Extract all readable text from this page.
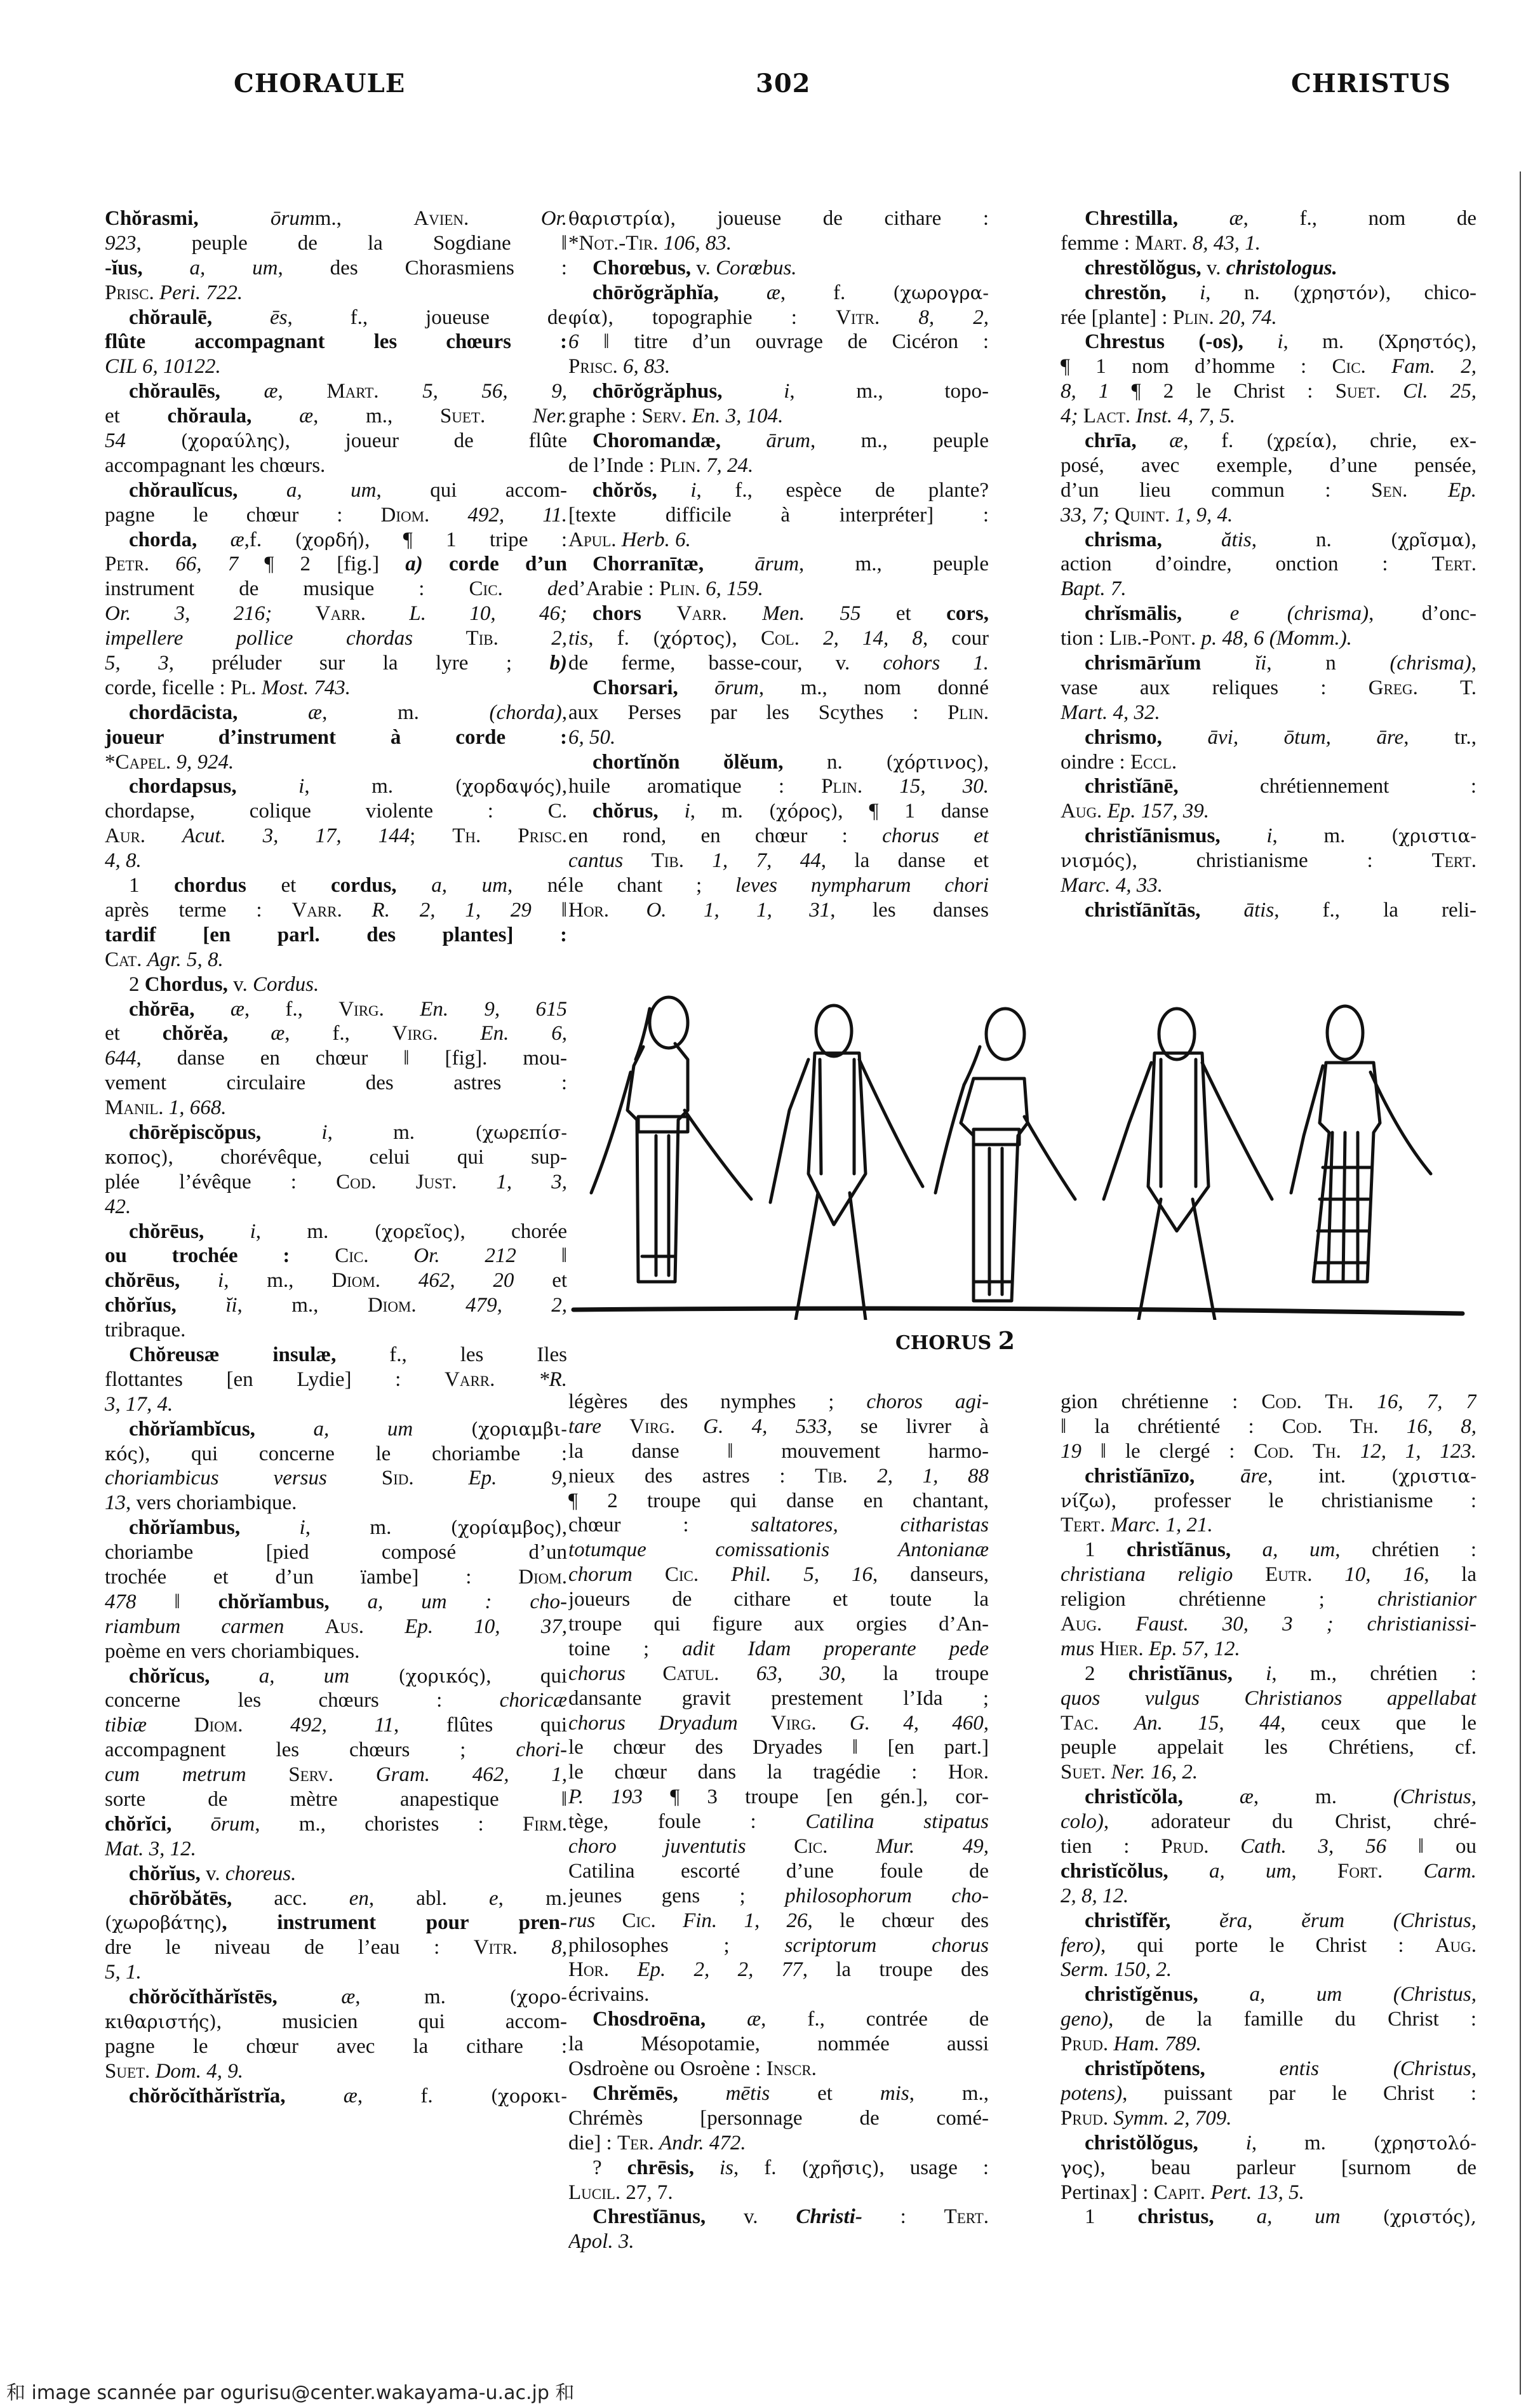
CHORAULE	302	CHRISTUS
Chŏrasmi, ōrumm., Avien. Or.
923, peuple de la Sogdiane ‖
-ĭus, a, um, des Chorasmiens :
Prisc. Peri. 722.
chŏraulē, ēs, f., joueuse de
flûte accompagnant les chœurs :
CIL 6, 10122.
chŏraulēs, æ, Mart. 5, 56, 9,
et chŏraula, æ, m., Suet. Ner.
54 (χοραύλης), joueur de flûte
accompagnant les chœurs.
chŏraulĭcus, a, um, qui accom-
pagne le chœur : Diom. 492, 11.
chorda, æ,f. (χορδή), ¶ 1 tripe :
Petr. 66, 7 ¶ 2 [fig.] a) corde d’un
instrument de musique : Cic. de
Or. 3, 216; Varr. L. 10, 46;
impellere pollice chordas Tib. 2,
5, 3, préluder sur la lyre ; b)
corde, ficelle : Pl. Most. 743.
chordācista, æ, m. (chorda),
joueur d’instrument à corde :
*Capel. 9, 924.
chordapsus, i, m. (χορδαψός),
chordapse, colique violente : C.
Aur. Acut. 3, 17, 144; Th. Prisc.
4, 8.
1 chordus et cordus, a, um, né
après terme : Varr. R. 2, 1, 29 ‖
tardif [en parl. des plantes] :
Cat. Agr. 5, 8.
2 Chordus, v. Cordus.
chŏrēa, æ, f., Virg. En. 9, 615
et chŏrĕa, æ, f., Virg. En. 6,
644, danse en chœur ‖ [fig]. mou-
vement circulaire des astres :
Manil. 1, 668.
chōrĕpiscŏpus, i, m. (χωρεπίσ-
κοπος), chorévêque, celui qui sup-
plée l’évêque : Cod. Just. 1, 3,
42.
chŏrēus, i, m. (χορεῖος), chorée
ou trochée : Cic. Or. 212 ‖
chŏrēus, i, m., Diom. 462, 20 et
chŏrĭus, ĭi, m., Diom. 479, 2,
tribraque.
Chŏreusæ insulæ, f., les Iles
flottantes [en Lydie] : Varr. *R.
3, 17, 4.
chŏrĭambĭcus, a, um (χοριαμβι-
κός), qui concerne le choriambe :
choriambicus versus Sid. Ep. 9,
13, vers choriambique.
chŏrĭambus, i, m. (χορίαμβος),
choriambe [pied composé d’un
trochée et d’un ïambe] : Diom.
478 ‖ chŏrĭambus, a, um : cho-
riambum carmen Aus. Ep. 10, 37,
poème en vers choriambiques.
chŏrĭcus, a, um (χορικός), qui
concerne les chœurs : choricæ
tibiæ Diom. 492, 11, flûtes qui
accompagnent les chœurs ; chori-
cum metrum Serv. Gram. 462, 1,
sorte de mètre anapestique ‖
chŏrĭci, ōrum, m., choristes : Firm.
Mat. 3, 12.
chŏrĭus, v. choreus.
chōrŏbătēs, acc. en, abl. e, m.
(χωροβάτης), instrument pour pren-
dre le niveau de l’eau : Vitr. 8,
5, 1.
chŏrŏcĭthărĭstēs, æ, m. (χορο-
κιθαριστής), musicien qui accom-
pagne le chœur avec la cithare :
Suet. Dom. 4, 9.
chŏrŏcĭthărĭstrĭa, æ, f. (χοροκι-
θαριστρία), joueuse de cithare :
*Not.-Tir. 106, 83.
Chorœbus, v. Corœbus.
chōrŏgrăphĭa, æ, f. (χωρογρα-
φία), topographie : Vitr. 8, 2,
6 ‖ titre d’un ouvrage de Cicéron :
Prisc. 6, 83.
chōrŏgrăphus, i, m., topo-
graphe : Serv. En. 3, 104.
Choromandæ, ārum, m., peuple
de l’Inde : Plin. 7, 24.
chŏrŏs, i, f., espèce de plante?
[texte difficile à interpréter] :
Apul. Herb. 6.
Chorranītæ, ārum, m., peuple
d’Arabie : Plin. 6, 159.
chors Varr. Men. 55 et cors,
tis, f. (χόρτος), Col. 2, 14, 8, cour
de ferme, basse-cour, v. cohors 1.
Chorsari, ōrum, m., nom donné
aux Perses par les Scythes : Plin.
6, 50.
chortĭnŏn ŏlĕum, n. (χόρτινος),
huile aromatique : Plin. 15, 30.
chŏrus, i, m. (χόρος), ¶ 1 danse
en rond, en chœur : chorus et
cantus Tib. 1, 7, 44, la danse et
le chant ; leves nympharum chori
Hor. O. 1, 1, 31, les danses
Chrestilla, æ, f., nom de
femme : Mart. 8, 43, 1.
chrestŏlŏgus, v. christologus.
chrestŏn, i, n. (χρηστόν), chico-
rée [plante] : Plin. 20, 74.
Chrestus (-os), i, m. (Χρηστός),
¶ 1 nom d’homme : Cic. Fam. 2,
8, 1 ¶ 2 le Christ : Suet. Cl. 25,
4; Lact. Inst. 4, 7, 5.
chrīa, æ, f. (χρεία), chrie, ex-
posé, avec exemple, d’une pensée,
d’un lieu commun : Sen. Ep.
33, 7; Quint. 1, 9, 4.
chrisma, ătis, n. (χρῖσμα),
action d’oindre, onction : Tert.
Bapt. 7.
chrĭsmālis, e (chrisma), d’onc-
tion : Lib.-Pont. p. 48, 6 (Momm.).
chrismārĭum ĭi, n (chrisma),
vase aux reliques : Greg. T.
Mart. 4, 32.
chrismo, āvi, ōtum, āre, tr.,
oindre : Eccl.
christĭānē, chrétiennement :
Aug. Ep. 157, 39.
christĭānismus, i, m. (χριστια-
νισμός), christianisme : Tert.
Marc. 4, 33.
christĭānĭtās, ātis, f., la reli-
CHORUS 2
légères des nymphes ; choros agi-
tare Virg. G. 4, 533, se livrer à
la danse ‖ mouvement harmo-
nieux des astres : Tib. 2, 1, 88
¶ 2 troupe qui danse en chantant,
chœur : saltatores, citharistas
totumque comissationis Antonianæ
chorum Cic. Phil. 5, 16, danseurs,
joueurs de cithare et toute la
troupe qui figure aux orgies d’An-
toine ; adit Idam properante pede
chorus Catul. 63, 30, la troupe
dansante gravit prestement l’Ida ;
chorus Dryadum Virg. G. 4, 460,
le chœur des Dryades ‖ [en part.]
le chœur dans la tragédie : Hor.
P. 193 ¶ 3 troupe [en gén.], cor-
tège, foule : Catilina stipatus
choro juventutis Cic. Mur. 49,
Catilina escorté d’une foule de
jeunes gens ; philosophorum cho-
rus Cic. Fin. 1, 26, le chœur des
philosophes ; scriptorum chorus
Hor. Ep. 2, 2, 77, la troupe des
écrivains.
Chosdroēna, æ, f., contrée de
la Mésopotamie, nommée aussi
Osdroène ou Osroène : Inscr.
Chrĕmēs, mētis et mis, m.,
Chrémès [personnage de comé-
die] : Ter. Andr. 472.
? chrēsis, is, f. (χρῆσις), usage :
Lucil. 27, 7.
Chrestĭānus, v. Christi- : Tert.
Apol. 3.
gion chrétienne : Cod. Th. 16, 7, 7
‖ la chrétienté : Cod. Th. 16, 8,
19 ‖ le clergé : Cod. Th. 12, 1, 123.
christĭānīzo, āre, int. (χριστια-
νίζω), professer le christianisme :
Tert. Marc. 1, 21.
1 christĭānus, a, um, chrétien :
christiana religio Eutr. 10, 16, la
religion chrétienne ; christianior
Aug. Faust. 30, 3 ; christianissi-
mus Hier. Ep. 57, 12.
2 christĭānus, i, m., chrétien :
quos vulgus Christianos appellabat
Tac. An. 15, 44, ceux que le
peuple appelait les Chrétiens, cf.
Suet. Ner. 16, 2.
christĭcŏla, æ, m. (Christus,
colo), adorateur du Christ, chré-
tien : Prud. Cath. 3, 56 ‖ ou
christĭcŏlus, a, um, Fort. Carm.
2, 8, 12.
christĭfĕr, ĕra, ĕrum (Christus,
fero), qui porte le Christ : Aug.
Serm. 150, 2.
christĭgĕnus, a, um (Christus,
geno), de la famille du Christ :
Prud. Ham. 789.
christĭpŏtens, entis (Christus,
potens), puissant par le Christ :
Prud. Symm. 2, 709.
christŏlŏgus, i, m. (χρηστολό-
γος), beau parleur [surnom de
Pertinax] : Capit. Pert. 13, 5.
1 christus, a, um (χριστός),
和 image scannée par ogurisu@center.wakayama-u.ac.jp 和
